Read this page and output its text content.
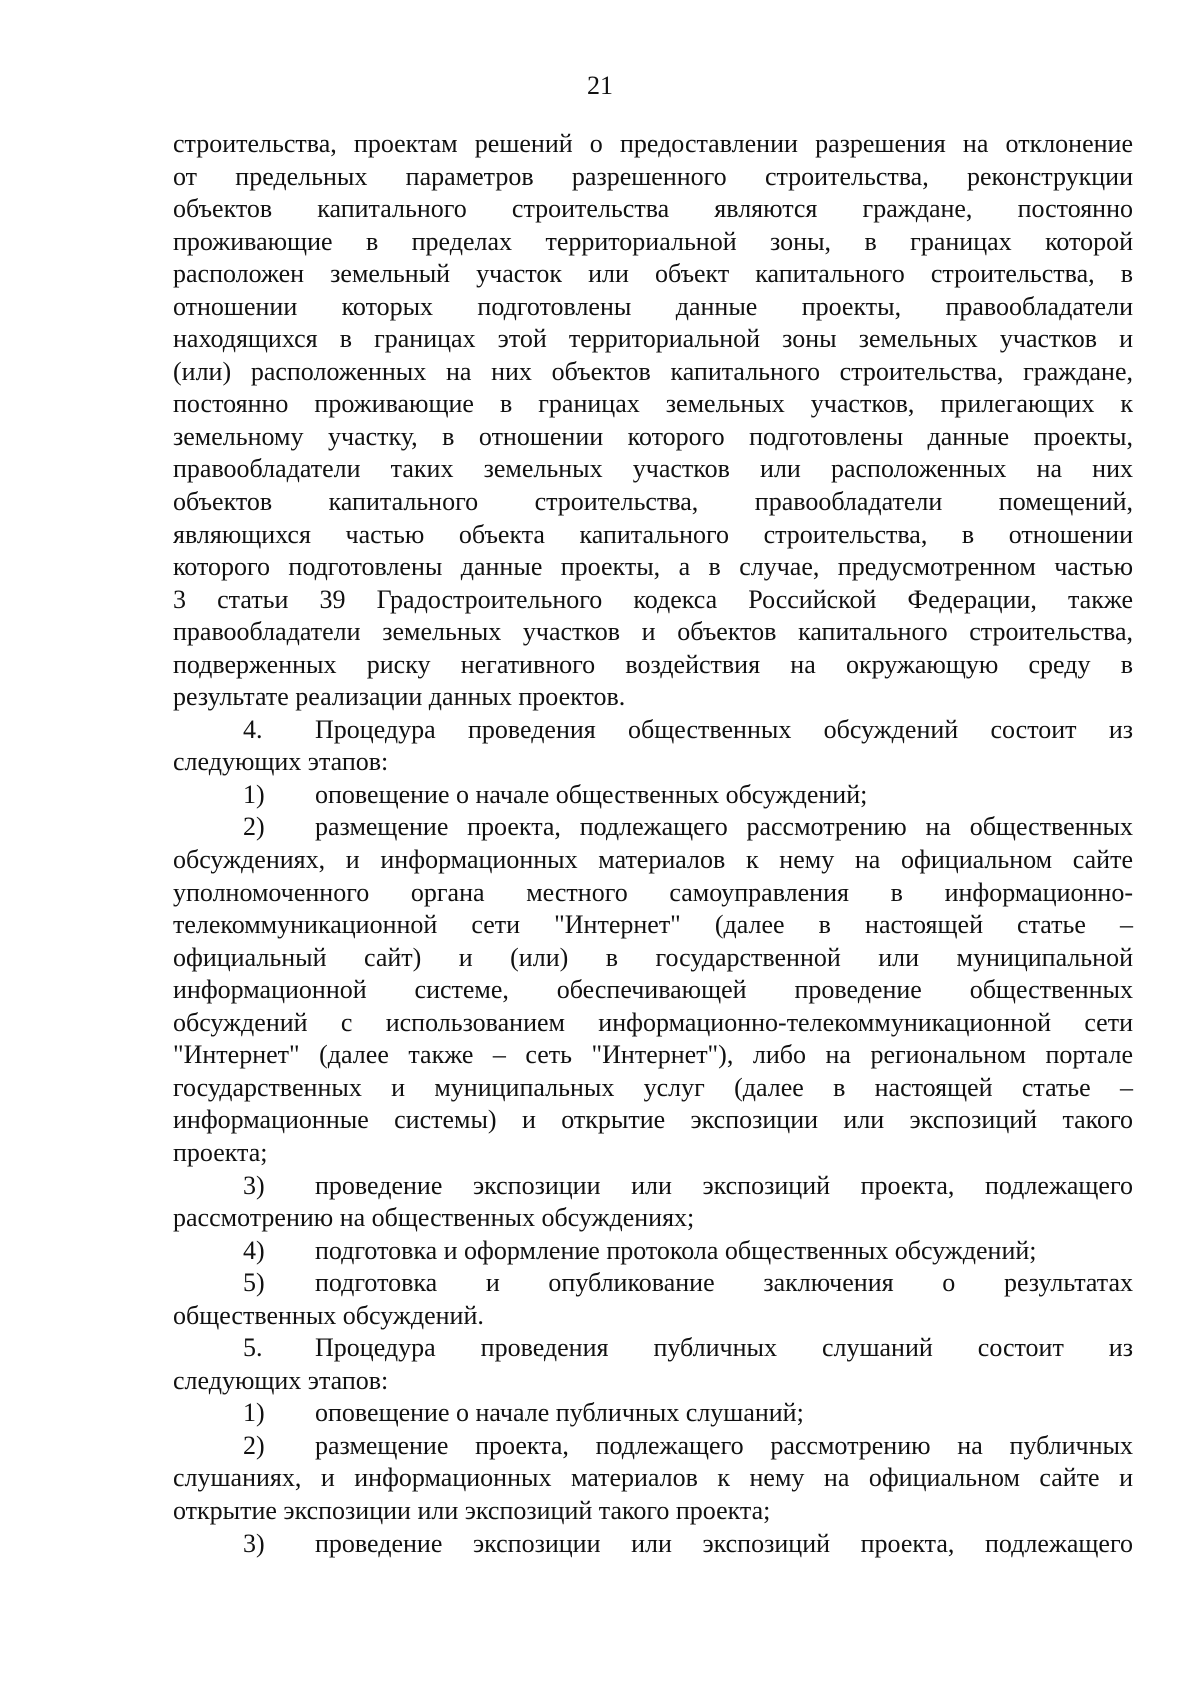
21
строительства, проектам решений о предоставлении разрешения на отклонение
от предельных параметров разрешенного строительства, реконструкции
объектов капитального строительства являются граждане, постоянно
проживающие в пределах территориальной зоны, в границах которой
расположен земельный участок или объект капитального строительства, в
отношении которых подготовлены данные проекты, правообладатели
находящихся в границах этой территориальной зоны земельных участков и
(или) расположенных на них объектов капитального строительства, граждане,
постоянно проживающие в границах земельных участков, прилегающих к
земельному участку, в отношении которого подготовлены данные проекты,
правообладатели таких земельных участков или расположенных на них
объектов капитального строительства, правообладатели помещений,
являющихся частью объекта капитального строительства, в отношении
которого подготовлены данные проекты, а в случае, предусмотренном частью
3 статьи 39 Градостроительного кодекса Российской Федерации, также
правообладатели земельных участков и объектов капитального строительства,
подверженных риску негативного воздействия на окружающую среду в
результате реализации данных проектов.
4.	Процедура проведения общественных обсуждений состоит из
следующих этапов:
1)	оповещение о начале общественных обсуждений;
2)	размещение проекта, подлежащего рассмотрению на общественных
обсуждениях, и информационных материалов к нему на официальном сайте
уполномоченного органа местного самоуправления в информационно-
телекоммуникационной сети "Интернет" (далее в настоящей статье –
официальный сайт) и (или) в государственной или муниципальной
информационной системе, обеспечивающей проведение общественных
обсуждений с использованием информационно-телекоммуникационной сети
"Интернет" (далее также – сеть "Интернет"), либо на региональном портале
государственных и муниципальных услуг (далее в настоящей статье –
информационные системы) и открытие экспозиции или экспозиций такого
проекта;
3)	проведение экспозиции или экспозиций проекта, подлежащего
рассмотрению на общественных обсуждениях;
4)	подготовка и оформление протокола общественных обсуждений;
5)	подготовка и опубликование заключения о результатах
общественных обсуждений.
5.	Процедура проведения публичных слушаний состоит из
следующих этапов:
1)	оповещение о начале публичных слушаний;
2)	размещение проекта, подлежащего рассмотрению на публичных
слушаниях, и информационных материалов к нему на официальном сайте и
открытие экспозиции или экспозиций такого проекта;
3)	проведение экспозиции или экспозиций проекта, подлежащего
